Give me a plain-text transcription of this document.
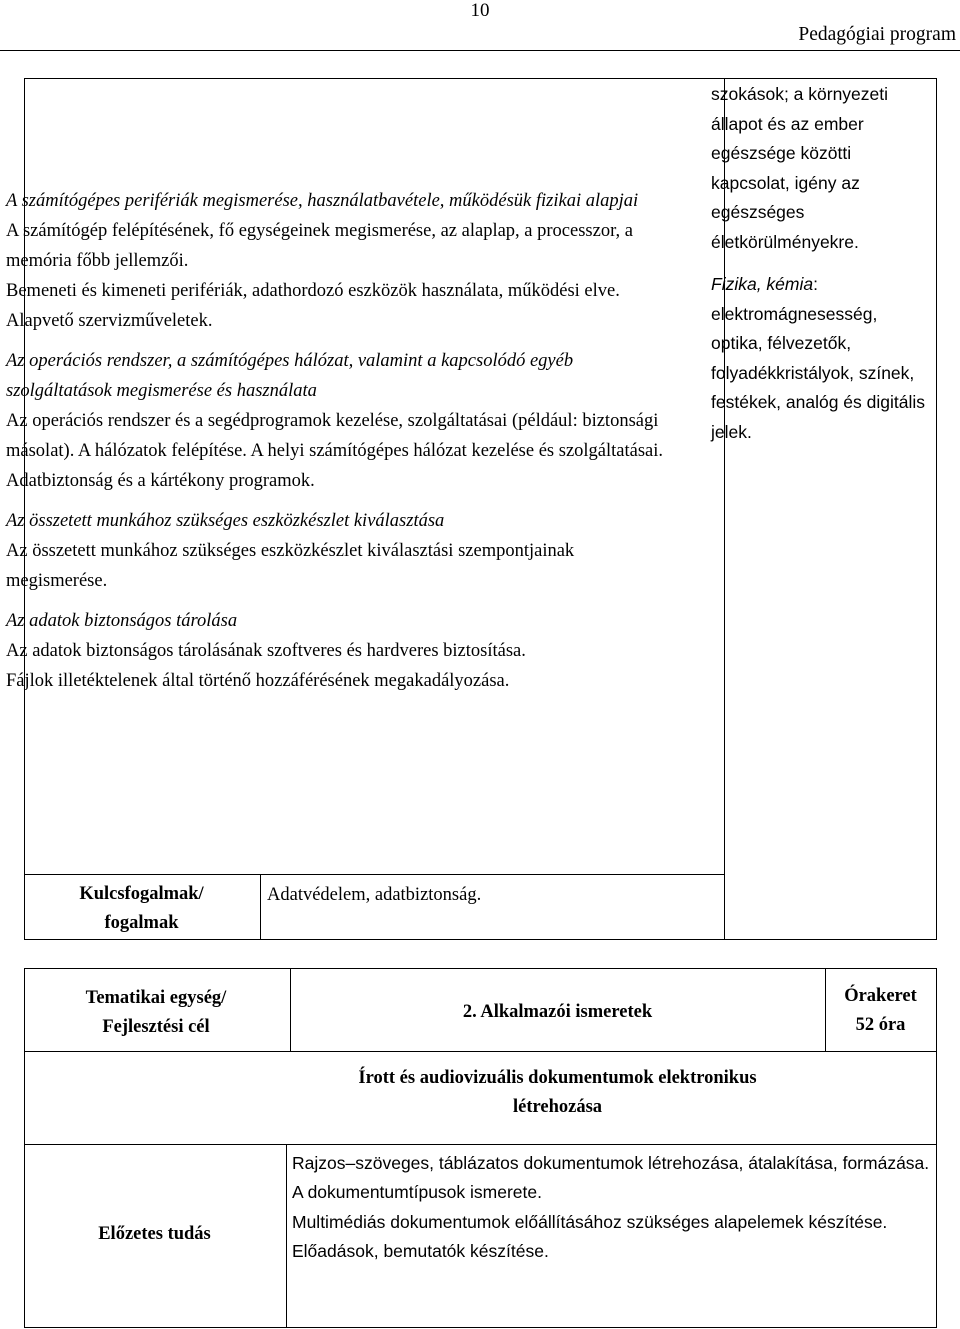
10
Pedagógiai program

A számítógépes perifériák megismerése, használatbavétele, működésük fizikai alapjai

A számítógép felépítésének, fő egységeinek megismerése, az alaplap, a processzor, a memória főbb jellemzői.

Bemeneti és kimeneti perifériák, adathordozó eszközök használata, működési elve.

Alapvető szervizműveletek.

Az operációs rendszer, a számítógépes hálózat, valamint a kapcsolódó egyéb szolgáltatások megismerése és használata

Az operációs rendszer és a segédprogramok kezelése, szolgáltatásai (például: biztonsági másolat). A hálózatok felépítése. A helyi számítógépes hálózat kezelése és szolgáltatásai. Adatbiztonság és a kártékony programok.

Az összetett munkához szükséges eszközkészlet kiválasztása

Az összetett munkához szükséges eszközkészlet kiválasztási szempontjainak megismerése.

Az adatok biztonságos tárolása

Az adatok biztonságos tárolásának szoftveres és hardveres biztosítása.

Fájlok illetéktelenek által történő hozzáférésének megakadályozása.

szokások; a környezeti állapot és az ember egészsége közötti kapcsolat, igény az egészséges életkörülményekre.
Fizika, kémia: elektromágnesesség, optika, félvezetők, folyadékkristályok, színek, festékek, analóg és digitális jelek.
Kulcsfogalmak/
fogalmak
Adatvédelem, adatbiztonság.
Tematikai egység/
Fejlesztési cél
2. Alkalmazói ismeretek
Órakeret
52 óra
Írott és audiovizuális dokumentumok elektronikus
létrehozása
Előzetes tudás

Rajzos–szöveges, táblázatos dokumentumok létrehozása, átalakítása, formázása.

A dokumentumtípusok ismerete.

Multimédiás dokumentumok előállításához szükséges alapelemek készítése.

Előadások, bemutatók készítése.
